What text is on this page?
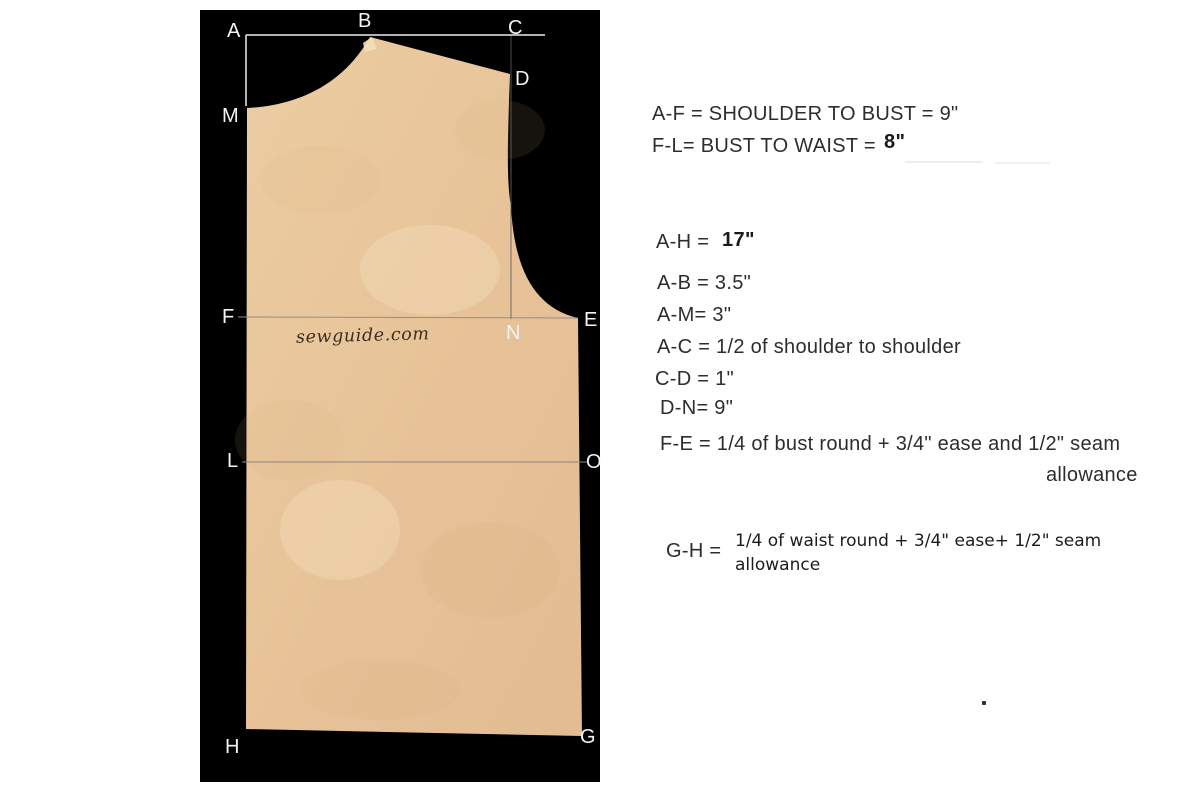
A	B	C
D
M
F
N
E
L	O
H	G
sewguide.com
A-F = SHOULDER TO BUST = 9"
F-L= BUST TO WAIST = 8"
A-H = 17"
A-B = 3.5"
A-M= 3"
A-C = 1/2 of shoulder to shoulder
C-D = 1"
D-N= 9"
F-E = 1/4 of bust round + 3/4" ease and 1/2" seam
allowance
G-H = 1/4 of waist round + 3/4" ease+ 1/2" seam
allowance
